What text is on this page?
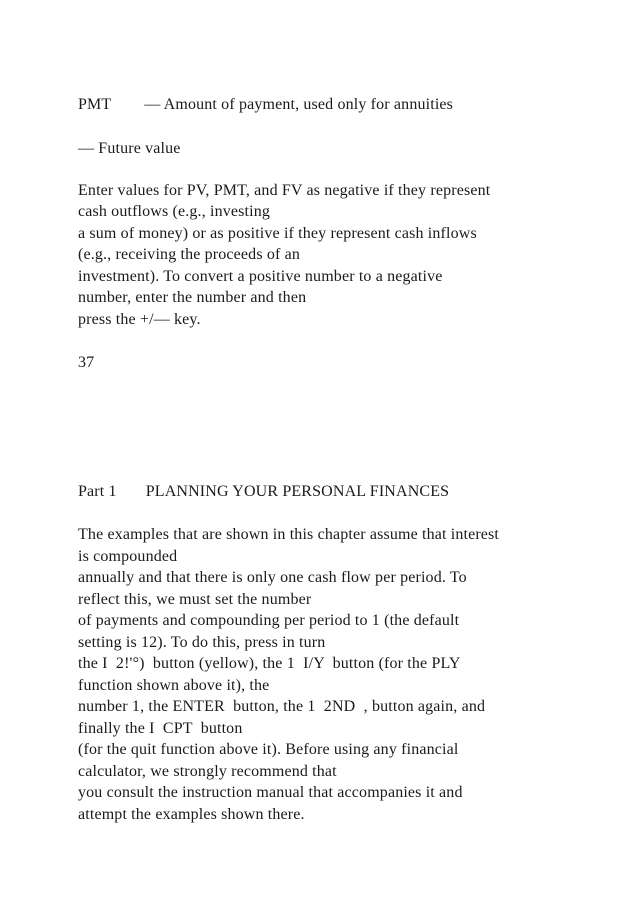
PMT        — Amount of payment, used only for annuities
— Future value
Enter values for PV, PMT, and FV as negative if they represent
cash outflows (e.g., investing
a sum of money) or as positive if they represent cash inflows
(e.g., receiving the proceeds of an
investment). To convert a positive number to a negative
number, enter the number and then
press the +/— key.
37
Part 1       PLANNING YOUR PERSONAL FINANCES
The examples that are shown in this chapter assume that interest
is compounded
annually and that there is only one cash flow per period. To
reflect this, we must set the number
of payments and compounding per period to 1 (the default
setting is 12). To do this, press in turn
the I  2!'°)  button (yellow), the 1  I/Y  button (for the PLY
function shown above it), the
number 1, the ENTER  button, the 1  2ND  , button again, and
finally the I  CPT  button
(for the quit function above it). Before using any financial
calculator, we strongly recommend that
you consult the instruction manual that accompanies it and
attempt the examples shown there.
